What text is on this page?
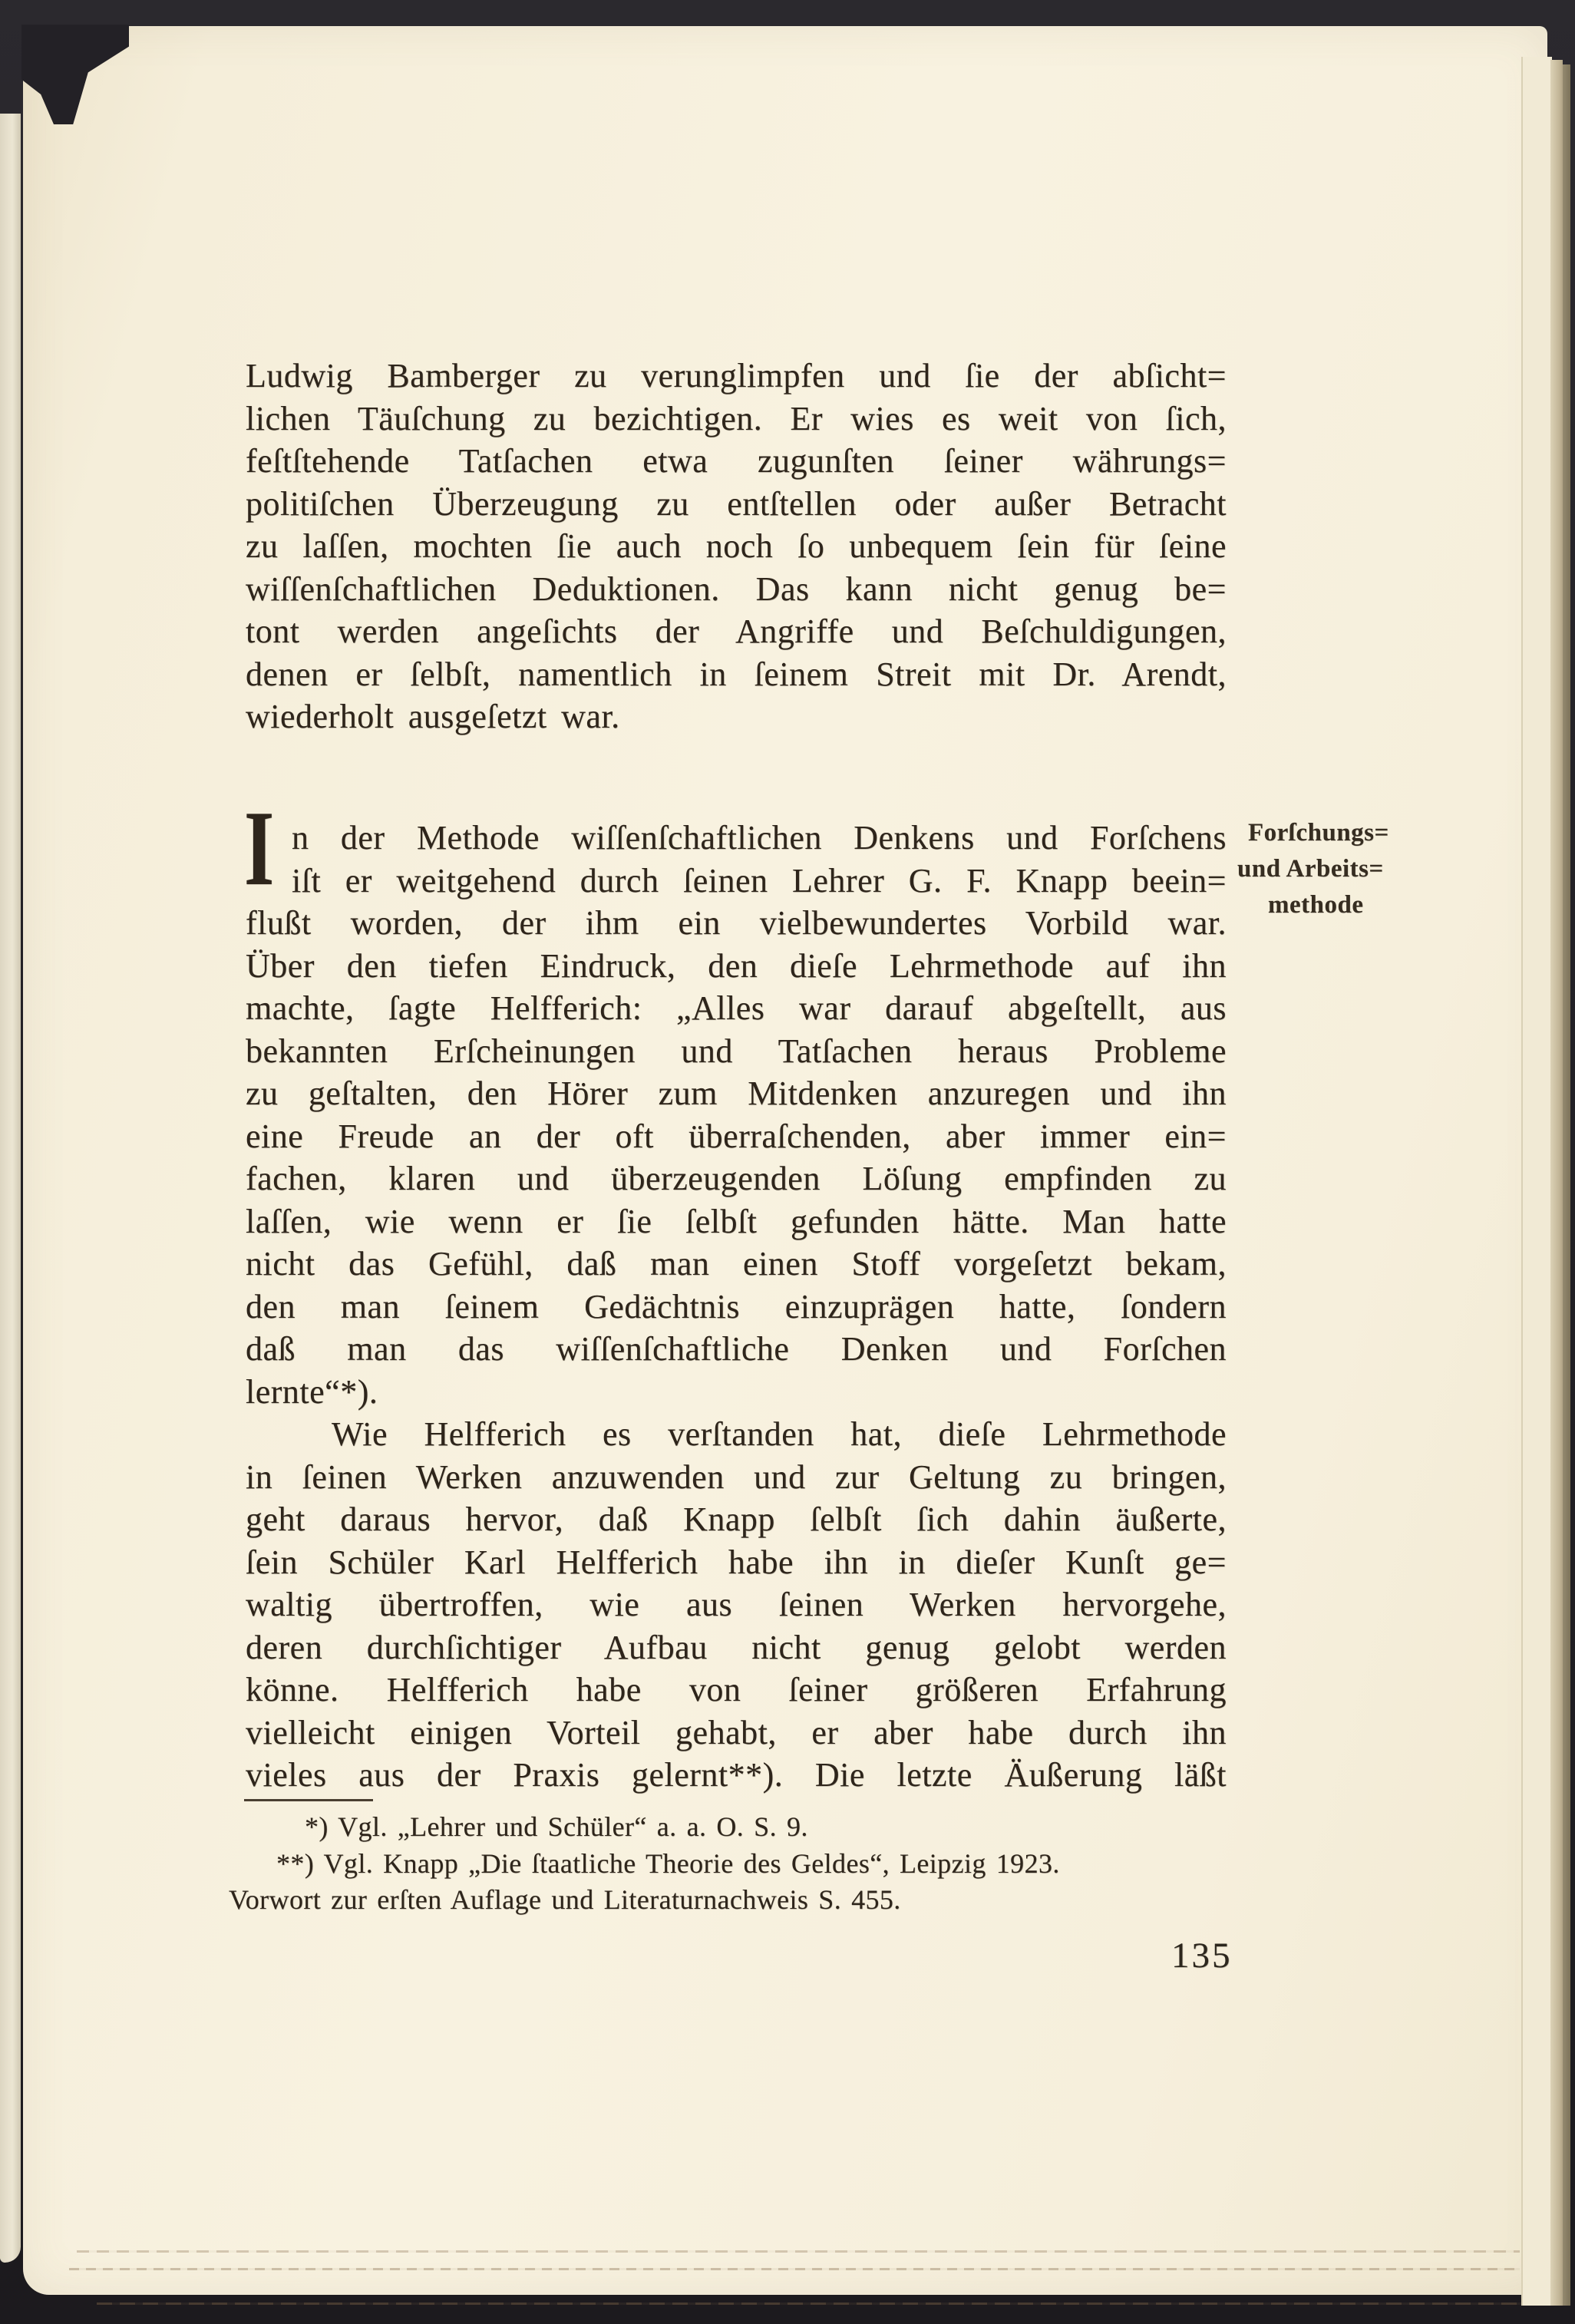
Ludwig Bamberger zu verunglimpfen und ſie der abſicht=
lichen Täuſchung zu bezichtigen. Er wies es weit von ſich,
feſtſtehende Tatſachen etwa zugunſten ſeiner währungs=
politiſchen Überzeugung zu entſtellen oder außer Betracht
zu laſſen, mochten ſie auch noch ſo unbequem ſein für ſeine
wiſſenſchaftlichen Deduktionen. Das kann nicht genug be=
tont werden angeſichts der Angriffe und Beſchuldigungen,
denen er ſelbſt, namentlich in ſeinem Streit mit Dr. Arendt,
wiederholt ausgeſetzt war.
I n der Methode wiſſenſchaftlichen Denkens und Forſchens
iſt er weitgehend durch ſeinen Lehrer G. F. Knapp beein=
flußt worden, der ihm ein vielbewundertes Vorbild war.
Über den tiefen Eindruck, den dieſe Lehrmethode auf ihn
machte, ſagte Helfferich: „Alles war darauf abgeſtellt, aus
bekannten Erſcheinungen und Tatſachen heraus Probleme
zu geſtalten, den Hörer zum Mitdenken anzuregen und ihn
eine Freude an der oft überraſchenden, aber immer ein=
fachen, klaren und überzeugenden Löſung empfinden zu
laſſen, wie wenn er ſie ſelbſt gefunden hätte. Man hatte
nicht das Gefühl, daß man einen Stoff vorgeſetzt bekam,
den man ſeinem Gedächtnis einzuprägen hatte, ſondern
daß man das wiſſenſchaftliche Denken und Forſchen
lernte“*).
Wie Helfferich es verſtanden hat, dieſe Lehrmethode
in ſeinen Werken anzuwenden und zur Geltung zu bringen,
geht daraus hervor, daß Knapp ſelbſt ſich dahin äußerte,
ſein Schüler Karl Helfferich habe ihn in dieſer Kunſt ge=
waltig übertroffen, wie aus ſeinen Werken hervorgehe,
deren durchſichtiger Aufbau nicht genug gelobt werden
könne. Helfferich habe von ſeiner größeren Erfahrung
vielleicht einigen Vorteil gehabt, er aber habe durch ihn
vieles aus der Praxis gelernt**). Die letzte Äußerung läßt
Forſchungs=
und Arbeits=
methode
*) Vgl. „Lehrer und Schüler“ a. a. O. S. 9.
**) Vgl. Knapp „Die ſtaatliche Theorie des Geldes“, Leipzig 1923.
Vorwort zur erſten Auflage und Literaturnachweis S. 455.
135
